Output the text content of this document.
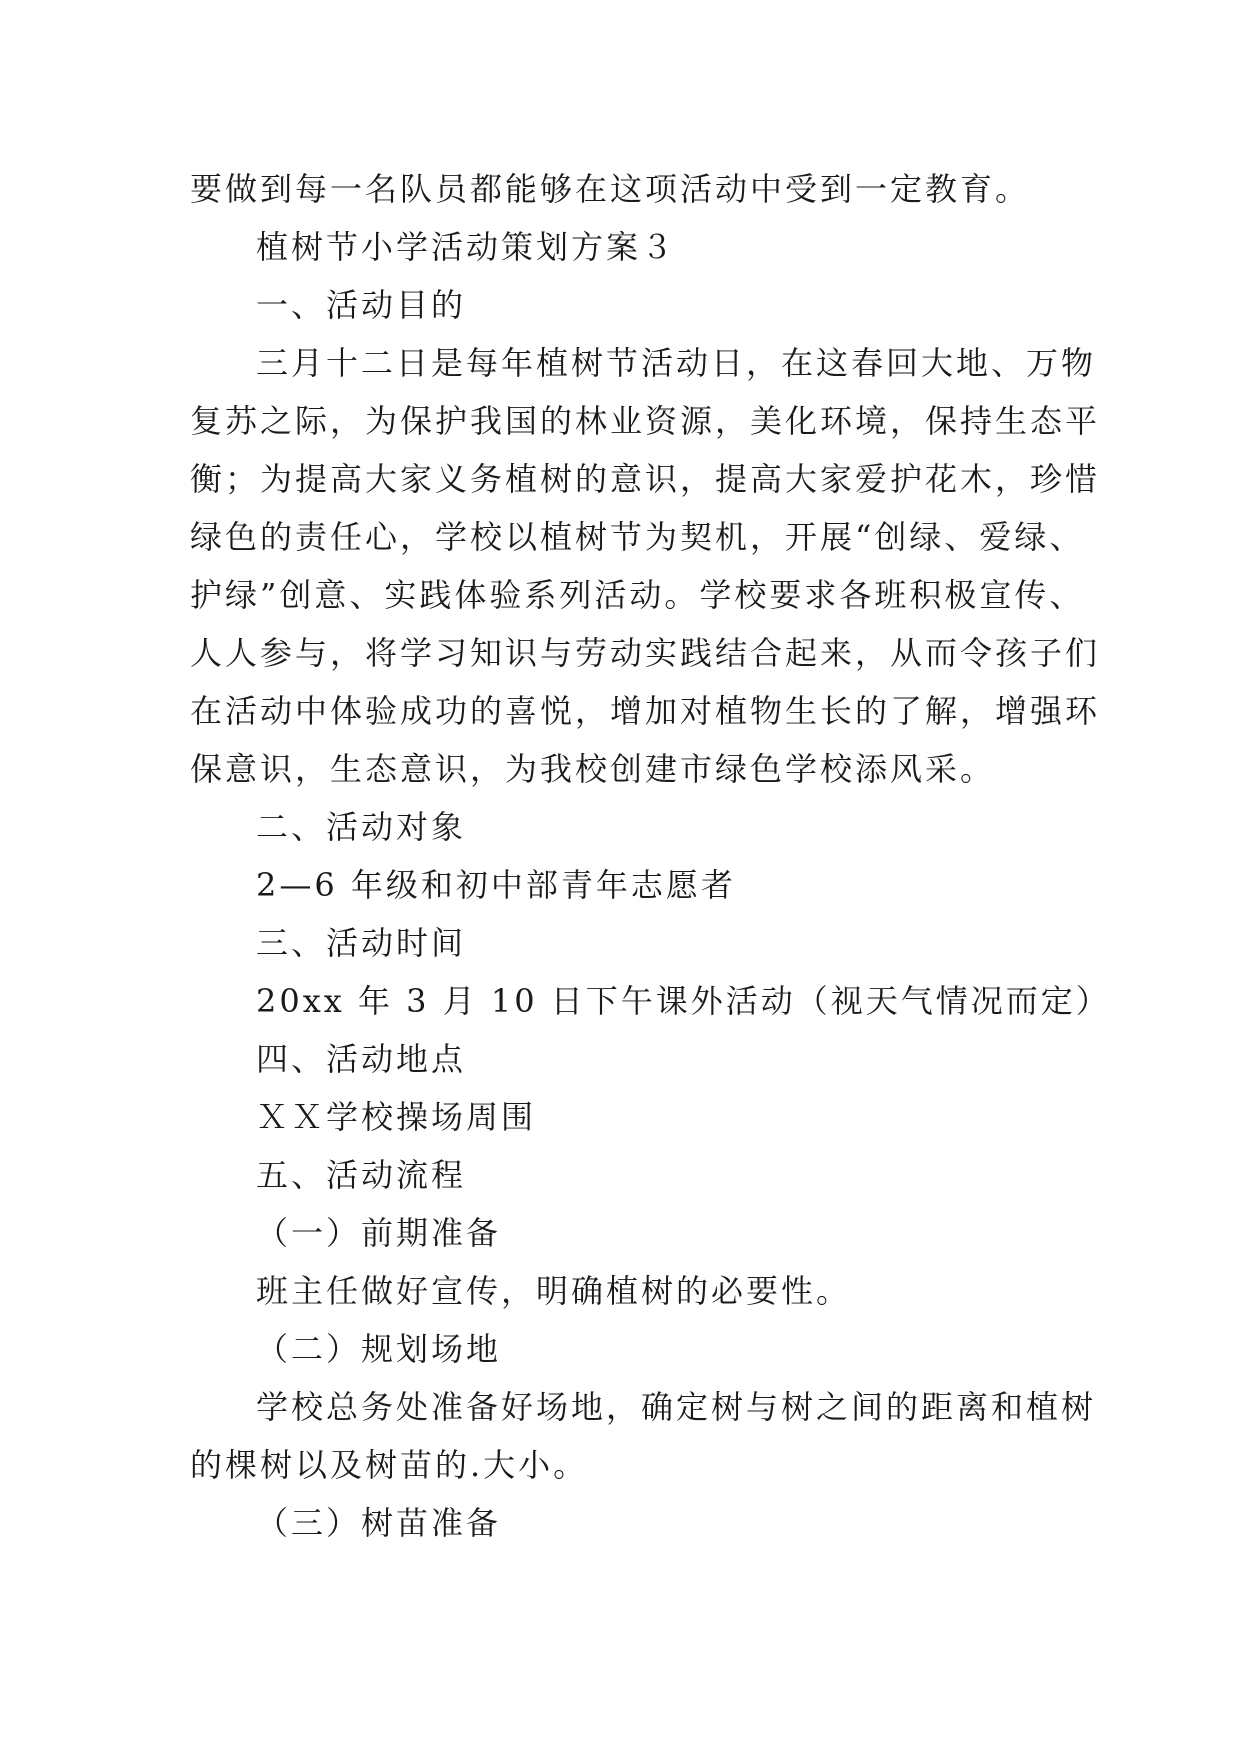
要做到每一名队员都能够在这项活动中受到一定教育。

植树节小学活动策划方案３

一、活动目的

三月十二日是每年植树节活动日，在这春回大地、万物
复苏之际，为保护我国的林业资源，美化环境，保持生态平
衡；为提高大家义务植树的意识，提高大家爱护花木，珍惜
绿色的责任心，学校以植树节为契机，开展“创绿、爱绿、
护绿”创意、实践体验系列活动。学校要求各班积极宣传、
人人参与，将学习知识与劳动实践结合起来，从而令孩子们
在活动中体验成功的喜悦，增加对植物生长的了解，增强环
保意识，生态意识，为我校创建市绿色学校添风采。

二、活动对象

2—6 年级和初中部青年志愿者

三、活动时间

20xx 年 3 月 10 日下午课外活动（视天气情况而定）

四、活动地点

ＸＸ学校操场周围

五、活动流程

（一）前期准备

班主任做好宣传，明确植树的必要性。

（二）规划场地

学校总务处准备好场地，确定树与树之间的距离和植树
的棵树以及树苗的.大小。

（三）树苗准备
